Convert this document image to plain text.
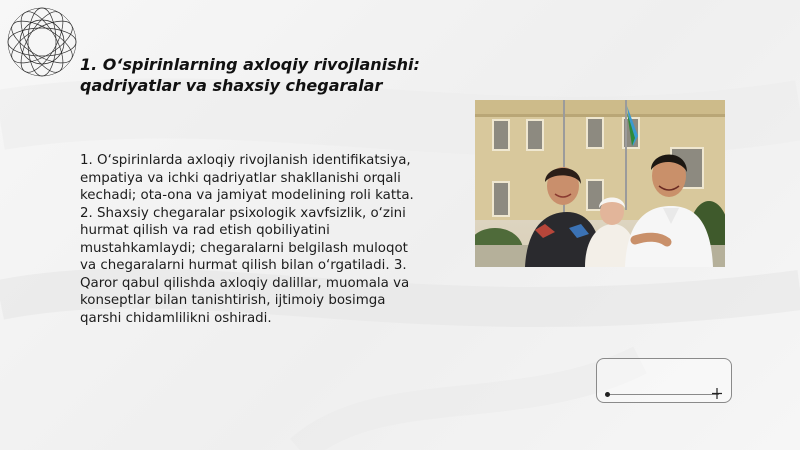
1. O‘spirinlarning axloqiy rivojlanishi: qadriyatlar va shaxsiy chegaralar

1. O‘spirinlarda axloqiy rivojlanish identifikatsiya, empatiya va ichki qadriyatlar shakllanishi orqali kechadi; ota-ona va jamiyat modelining roli katta. 2. Shaxsiy chegaralar psixologik xavfsizlik, o‘zini hurmat qilish va rad etish qobiliyatini mustahkamlaydi; chegaralarni belgilash muloqot va chegaralarni hurmat qilish bilan o‘rgatiladi. 3. Qaror qabul qilishda axloqiy dalillar, muomala va konseptlar bilan tanishtirish, ijtimoiy bosimga qarshi chidamlilikni oshiradi.
